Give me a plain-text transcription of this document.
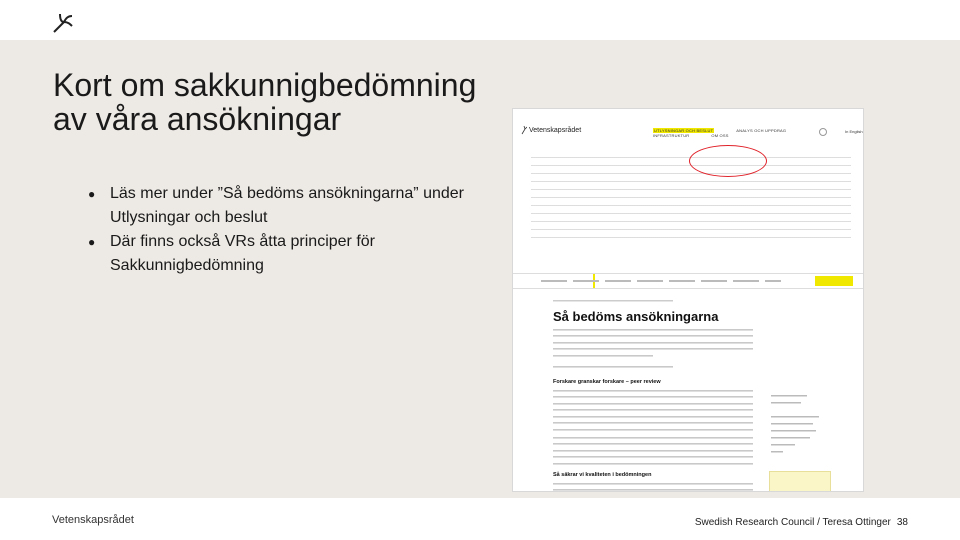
Kort om sakkunnigbedömning
av våra ansökningar
● Läs mer under ”Så bedöms ansökningarna” under Utlysningar och beslut
● Där finns också VRs åtta principer för Sakkunnigbedömning
Vetenskapsrådet	UTLYSNINGAR OCH BESLUT	ANALYS OCH UPPDRAGINFRASTRUKTUR	OM OSS
In English
Så bedöms ansökningarna
Forskare granskar forskare – peer review
Så säkrar vi kvaliteten i bedömningen
Vetenskapsrådet	Swedish Research Council / Teresa Ottinger 38
